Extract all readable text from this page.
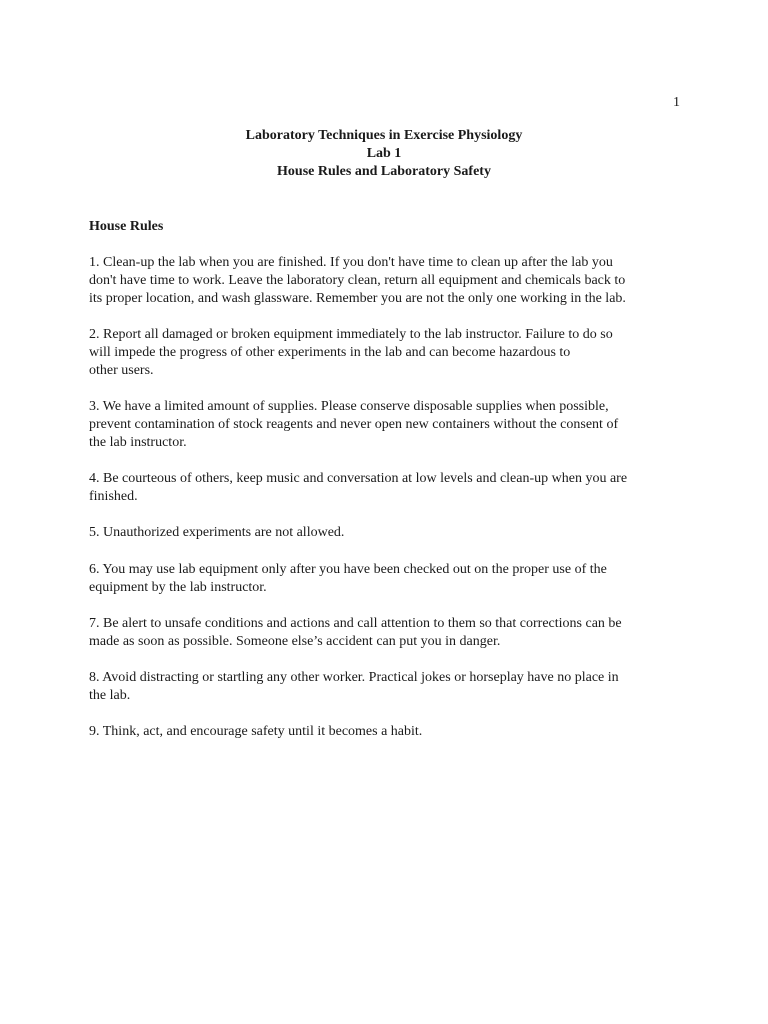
1
Laboratory Techniques in Exercise Physiology
Lab 1
House Rules and Laboratory Safety
House Rules
1. Clean-up the lab when you are finished. If you don't have time to clean up after the lab you
don't have time to work. Leave the laboratory clean, return all equipment and chemicals back to
its proper location, and wash glassware. Remember you are not the only one working in the lab.
2. Report all damaged or broken equipment immediately to the lab instructor. Failure to do so
will impede the progress of other experiments in the lab and can become hazardous to
other users.
3. We have a limited amount of supplies. Please conserve disposable supplies when possible,
prevent contamination of stock reagents and never open new containers without the consent of
the lab instructor.
4. Be courteous of others, keep music and conversation at low levels and clean-up when you are
finished.
5. Unauthorized experiments are not allowed.
6. You may use lab equipment only after you have been checked out on the proper use of the
equipment by the lab instructor.
7. Be alert to unsafe conditions and actions and call attention to them so that corrections can be
made as soon as possible. Someone else’s accident can put you in danger.
8. Avoid distracting or startling any other worker. Practical jokes or horseplay have no place in
the lab.
9. Think, act, and encourage safety until it becomes a habit.
